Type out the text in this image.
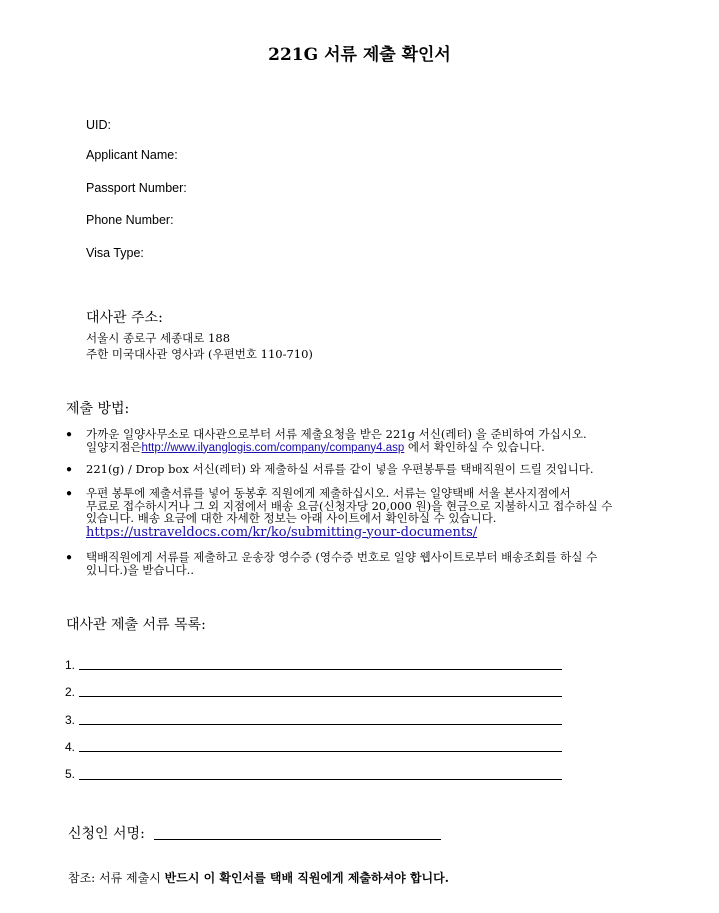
221G 서류 제출 확인서
UID:
Applicant Name:
Passport Number:
Phone Number:
Visa Type:
대사관 주소:
서울시 종로구 세종대로 188
주한 미국대사관 영사과 (우편번호 110-710)
제출 방법:
● 가까운 일양사무소로 대사관으로부터 서류 제출요청을 받은 221g 서신(레터) 을 준비하여 가십시오.
일양지점은http://www.ilyanglogis.com/company/company4.asp 에서 확인하실 수 있습니다.
● 221(g) / Drop box 서신(레터) 와 제출하실 서류를 같이 넣을 우편봉투를 택배직원이 드릴 것입니다.
● 우편 봉투에 제출서류를 넣어 동봉후 직원에게 제출하십시오. 서류는 일양택배 서울 본사지점에서
무료로 접수하시거나 그 외 지점에서 배송 요금(신청자당 20,000 원)을 현금으로 지불하시고 접수하실 수
있습니다. 배송 요금에 대한 자세한 정보는 아래 사이트에서 확인하실 수 있습니다.
https://ustraveldocs.com/kr/ko/submitting-your-documents/
● 택배직원에게 서류를 제출하고 운송장 영수증 (영수증 번호로 일양 웹사이트로부터 배송조회를 하실 수
있니다.)을 받습니다..
대사관 제출 서류 목록:
1.
2.
3.
4.
5.
신청인 서명:
참조: 서류 제출시 반드시 이 확인서를 택배 직원에게 제출하셔야 합니다.
